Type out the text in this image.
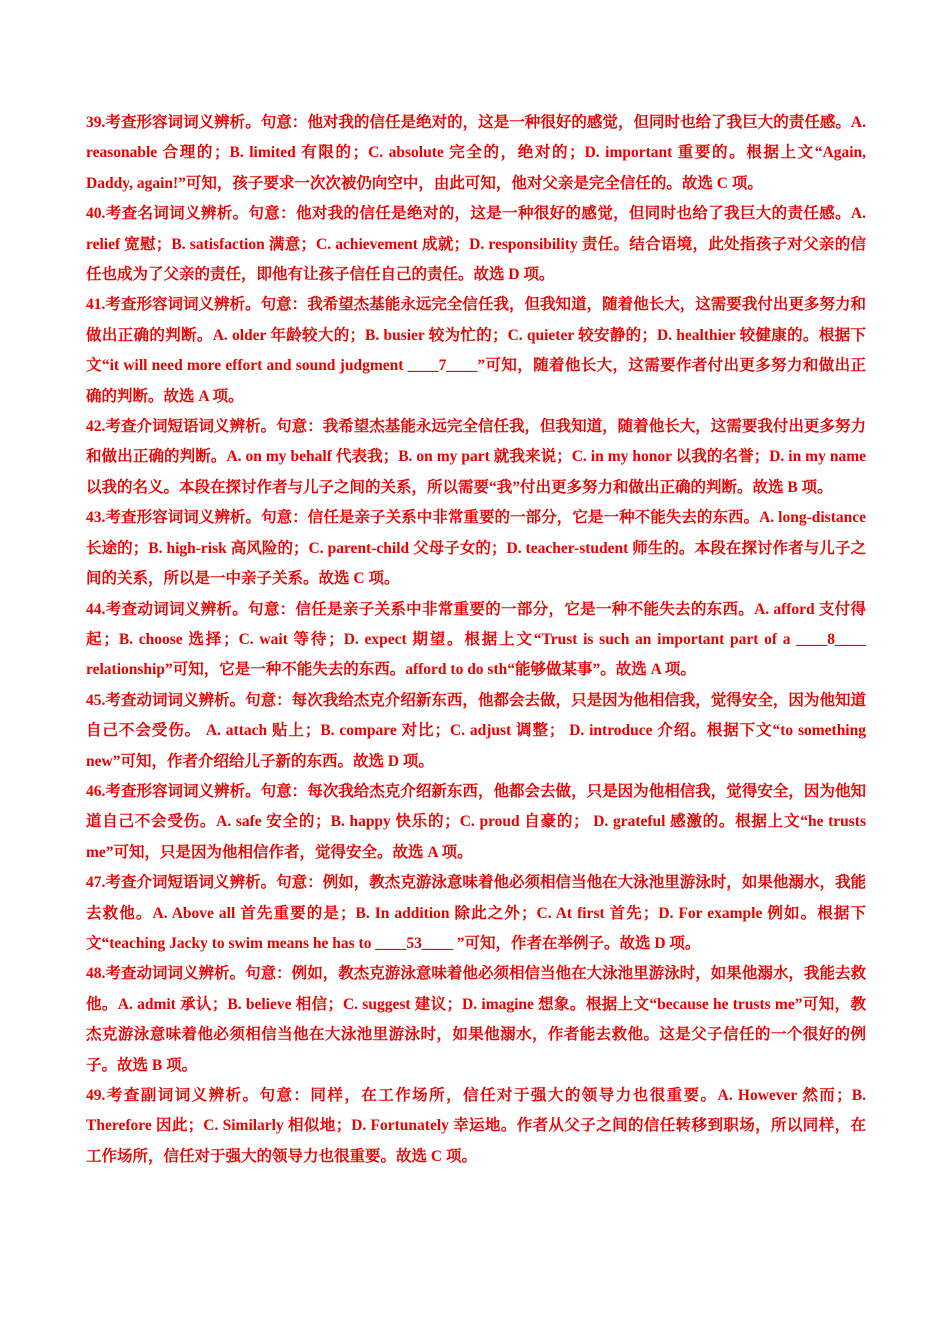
39.考查形容词词义辨析。句意：他对我的信任是绝对的，这是一种很好的感觉，但同时也给了我巨大的责任感。A. reasonable 合理的；B. limited 有限的；C. absolute 完全的，绝对的；D. important 重要的。根据上文“Again, Daddy, again!”可知，孩子要求一次次被仍向空中，由此可知，他对父亲是完全信任的。故选 C 项。

40.考查名词词义辨析。句意：他对我的信任是绝对的，这是一种很好的感觉，但同时也给了我巨大的责任感。A. relief 宽慰；B. satisfaction 满意；C. achievement 成就；D. responsibility 责任。结合语境，此处指孩子对父亲的信任也成为了父亲的责任，即他有让孩子信任自己的责任。故选 D 项。

41.考查形容词词义辨析。句意：我希望杰基能永远完全信任我，但我知道，随着他长大，这需要我付出更多努力和做出正确的判断。A. older 年龄较大的；B. busier 较为忙的；C. quieter 较安静的；D. healthier 较健康的。根据下文“it will need more effort and sound judgment ____7____”可知，随着他长大，这需要作者付出更多努力和做出正确的判断。故选 A 项。

42.考查介词短语词义辨析。句意：我希望杰基能永远完全信任我，但我知道，随着他长大，这需要我付出更多努力和做出正确的判断。A. on my behalf 代表我；B. on my part 就我来说；C. in my honor 以我的名誉；D. in my name 以我的名义。本段在探讨作者与儿子之间的关系，所以需要“我”付出更多努力和做出正确的判断。故选 B 项。

43.考查形容词词义辨析。句意：信任是亲子关系中非常重要的一部分，它是一种不能失去的东西。A. long-distance 长途的；B. high-risk 高风险的；C. parent-child 父母子女的；D. teacher-student 师生的。本段在探讨作者与儿子之间的关系，所以是一中亲子关系。故选 C 项。

44.考查动词词义辨析。句意：信任是亲子关系中非常重要的一部分，它是一种不能失去的东西。A. afford 支付得起；B. choose 选择；C. wait 等待；D. expect 期望。根据上文“Trust is such an important part of a ____8____ relationship”可知，它是一种不能失去的东西。afford to do sth“能够做某事”。故选 A 项。

45.考查动词词义辨析。句意：每次我给杰克介绍新东西，他都会去做，只是因为他相信我，觉得安全，因为他知道自己不会受伤。 A. attach 贴上；B. compare 对比；C. adjust 调整； D. introduce 介绍。根据下文“to something new”可知，作者介绍给儿子新的东西。故选 D 项。

46.考查形容词词义辨析。句意：每次我给杰克介绍新东西，他都会去做，只是因为他相信我，觉得安全，因为他知道自己不会受伤。A. safe 安全的；B. happy 快乐的；C. proud 自豪的； D. grateful 感激的。根据上文“he trusts me”可知，只是因为他相信作者，觉得安全。故选 A 项。

47.考查介词短语词义辨析。句意：例如，教杰克游泳意味着他必须相信当他在大泳池里游泳时，如果他溺水，我能去救他。A. Above all 首先重要的是；B. In addition 除此之外；C. At first 首先；D. For example 例如。根据下文“teaching Jacky to swim means he has to ____53____ ”可知，作者在举例子。故选 D 项。

48.考查动词词义辨析。句意：例如，教杰克游泳意味着他必须相信当他在大泳池里游泳时，如果他溺水，我能去救他。A. admit 承认；B. believe 相信；C. suggest 建议；D. imagine 想象。根据上文“because he trusts me”可知，教杰克游泳意味着他必须相信当他在大泳池里游泳时，如果他溺水，作者能去救他。这是父子信任的一个很好的例子。故选 B 项。

49.考查副词词义辨析。句意：同样，在工作场所，信任对于强大的领导力也很重要。A. However 然而；B. Therefore 因此；C. Similarly 相似地；D. Fortunately 幸运地。作者从父子之间的信任转移到职场，所以同样，在工作场所，信任对于强大的领导力也很重要。故选 C 项。
